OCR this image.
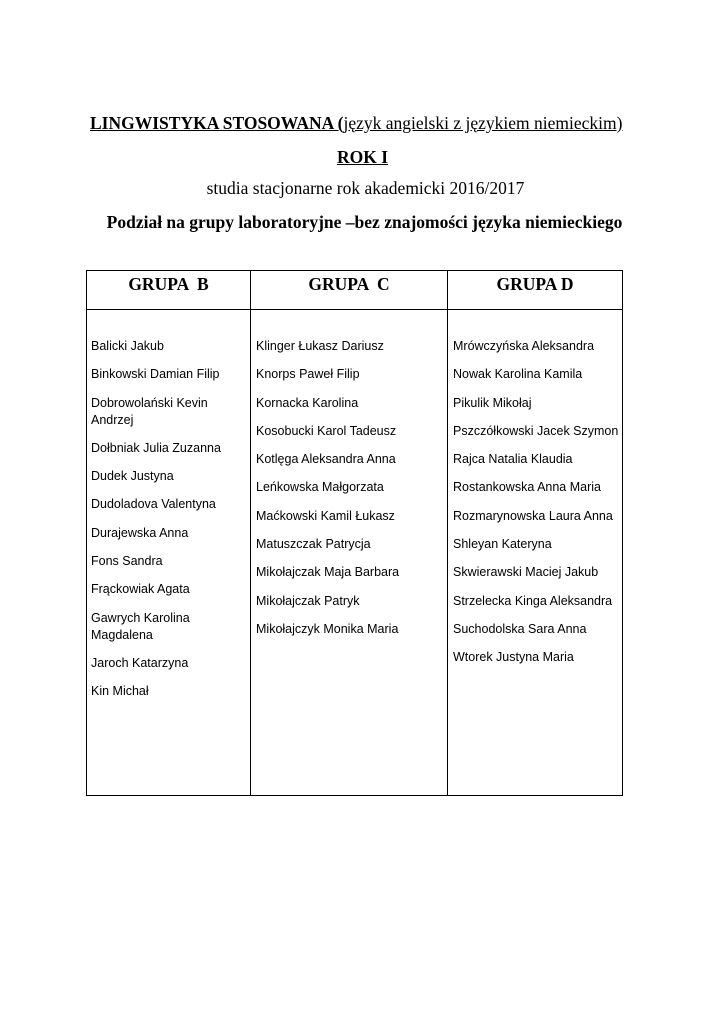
LINGWISTYKA STOSOWANA (język angielski z językiem niemieckim)
ROK I
studia stacjonarne rok akademicki 2016/2017
Podział na grupy laboratoryjne –bez znajomości języka niemieckiego
GRUPA  B	GRUPA  C	GRUPA D
Balicki Jakub
Binkowski Damian Filip
Dobrowolański Kevin Andrzej
Dołbniak Julia Zuzanna
Dudek Justyna
Dudoladova Valentyna
Durajewska Anna
Fons Sandra
Frąckowiak Agata
Gawrych Karolina Magdalena
Jaroch Katarzyna
Kin Michał
Klinger Łukasz Dariusz
Knorps Paweł Filip
Kornacka Karolina
Kosobucki Karol Tadeusz
Kotlęga Aleksandra Anna
Leńkowska Małgorzata
Maćkowski Kamil Łukasz
Matuszczak Patrycja
Mikołajczak Maja Barbara
Mikołajczak Patryk
Mikołajczyk Monika Maria
Mrówczyńska Aleksandra
Nowak Karolina Kamila
Pikulik Mikołaj
Pszczółkowski Jacek Szymon
Rajca Natalia Klaudia
Rostankowska Anna Maria
Rozmarynowska Laura Anna
Shleyan Kateryna
Skwierawski Maciej Jakub
Strzelecka Kinga Aleksandra
Suchodolska Sara Anna
Wtorek Justyna Maria
